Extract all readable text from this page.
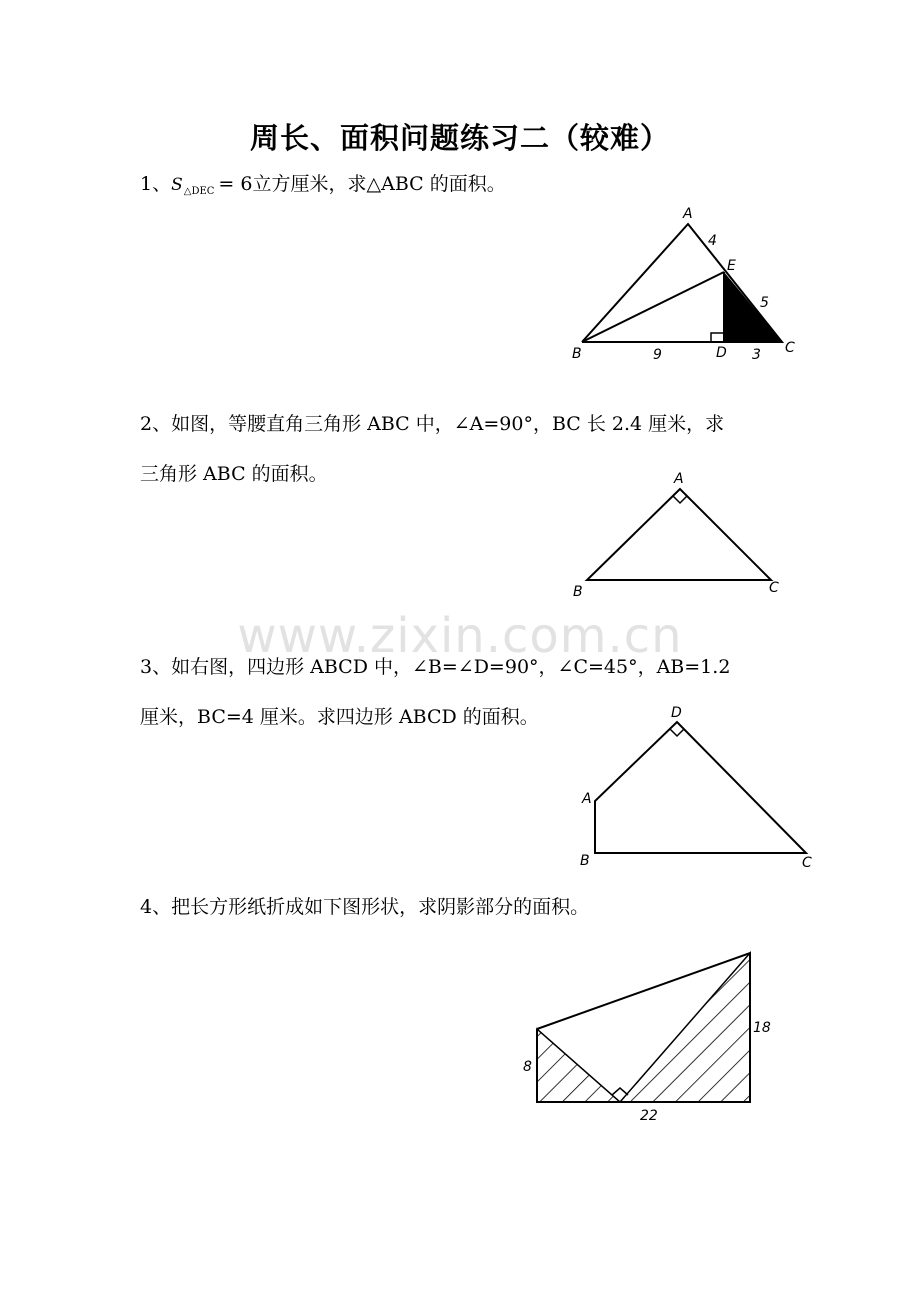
周长、面积问题练习二（较难）
www.zixin.com.cn
1、$S_{\triangle DEC} = 6$立方厘米，求△ABC 的面积。
A
4
E
5
B	9	D 3 C
2、如图，等腰直角三角形 ABC 中，∠A=90°，BC 长 2.4 厘米，求
三角形 ABC 的面积。	A
B	C
3、如右图，四边形 ABCD 中，∠B=∠D=90°，∠C=45°，AB=1.2
厘米，BC=4 厘米。求四边形 ABCD 的面积。	D
A
B	C
4、把长方形纸折成如下图形状，求阴影部分的面积。
8
18
22
